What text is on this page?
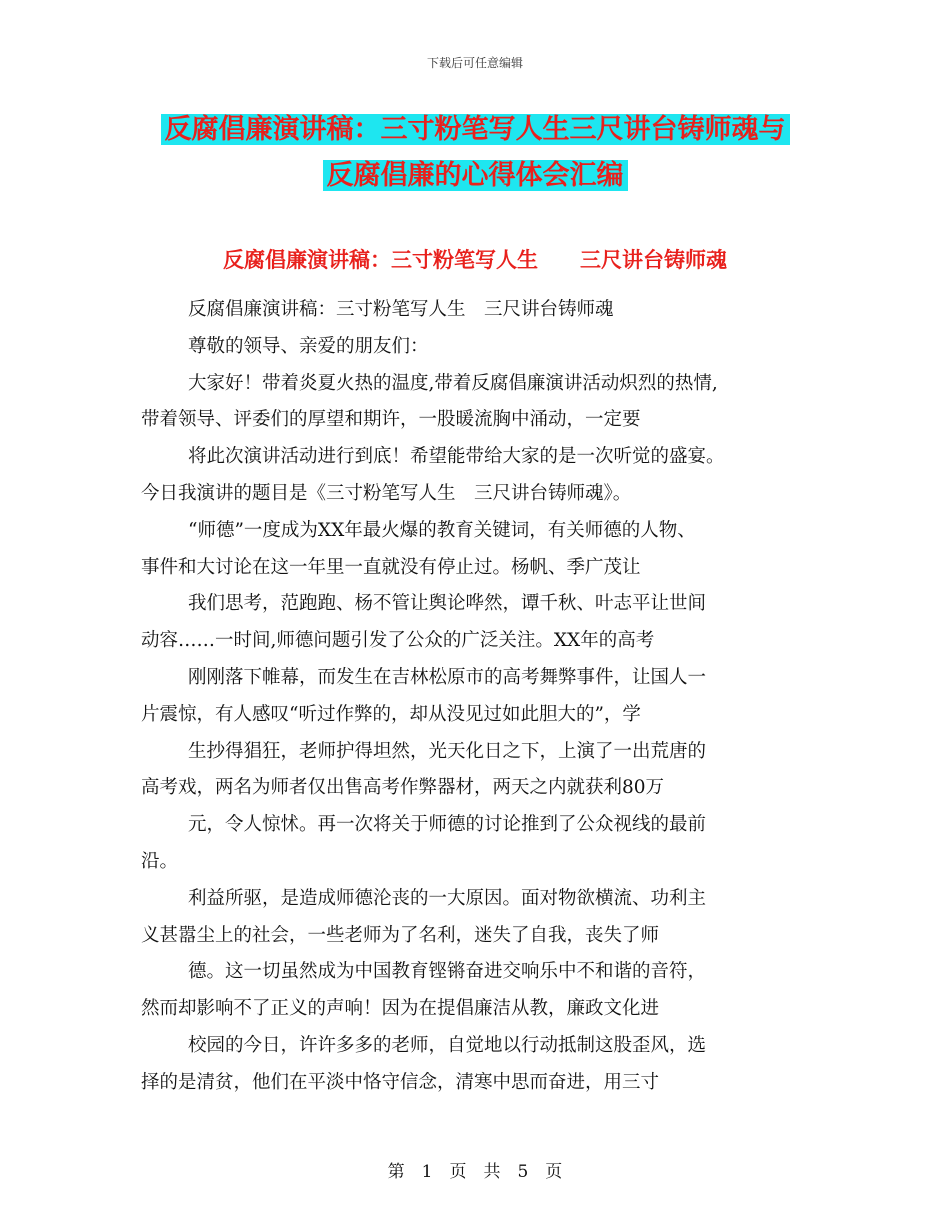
下载后可任意编辑
反腐倡廉演讲稿：三寸粉笔写人生三尺讲台铸师魂与
反腐倡廉的心得体会汇编
反腐倡廉演讲稿：三寸粉笔写人生　　三尺讲台铸师魂
反腐倡廉演讲稿：三寸粉笔写人生　三尺讲台铸师魂
尊敬的领导、亲爱的朋友们：
大家好！带着炎夏火热的温度,带着反腐倡廉演讲活动炽烈的热情,
带着领导、评委们的厚望和期许，一股暖流胸中涌动，一定要
将此次演讲活动进行到底！希望能带给大家的是一次听觉的盛宴。
今日我演讲的题目是《三寸粉笔写人生　三尺讲台铸师魂》。
“师德”一度成为XX年最火爆的教育关键词，有关师德的人物、
事件和大讨论在这一年里一直就没有停止过。杨帆、季广茂让
我们思考，范跑跑、杨不管让舆论哗然，谭千秋、叶志平让世间
动容……一时间,师德问题引发了公众的广泛关注。XX年的高考
刚刚落下帷幕，而发生在吉林松原市的高考舞弊事件，让国人一
片震惊，有人感叹“听过作弊的，却从没见过如此胆大的”，学
生抄得猖狂，老师护得坦然，光天化日之下，上演了一出荒唐的
高考戏，两名为师者仅出售高考作弊器材，两天之内就获利80万
元，令人惊怵。再一次将关于师德的讨论推到了公众视线的最前
沿。
利益所驱，是造成师德沦丧的一大原因。面对物欲横流、功利主
义甚嚣尘上的社会，一些老师为了名利，迷失了自我，丧失了师
德。这一切虽然成为中国教育铿锵奋进交响乐中不和谐的音符，
然而却影响不了正义的声响！因为在提倡廉洁从教，廉政文化进
校园的今日，许许多多的老师，自觉地以行动抵制这股歪风，选
择的是清贫，他们在平淡中恪守信念，清寒中思而奋进，用三寸
第　1　页　共　5　页
